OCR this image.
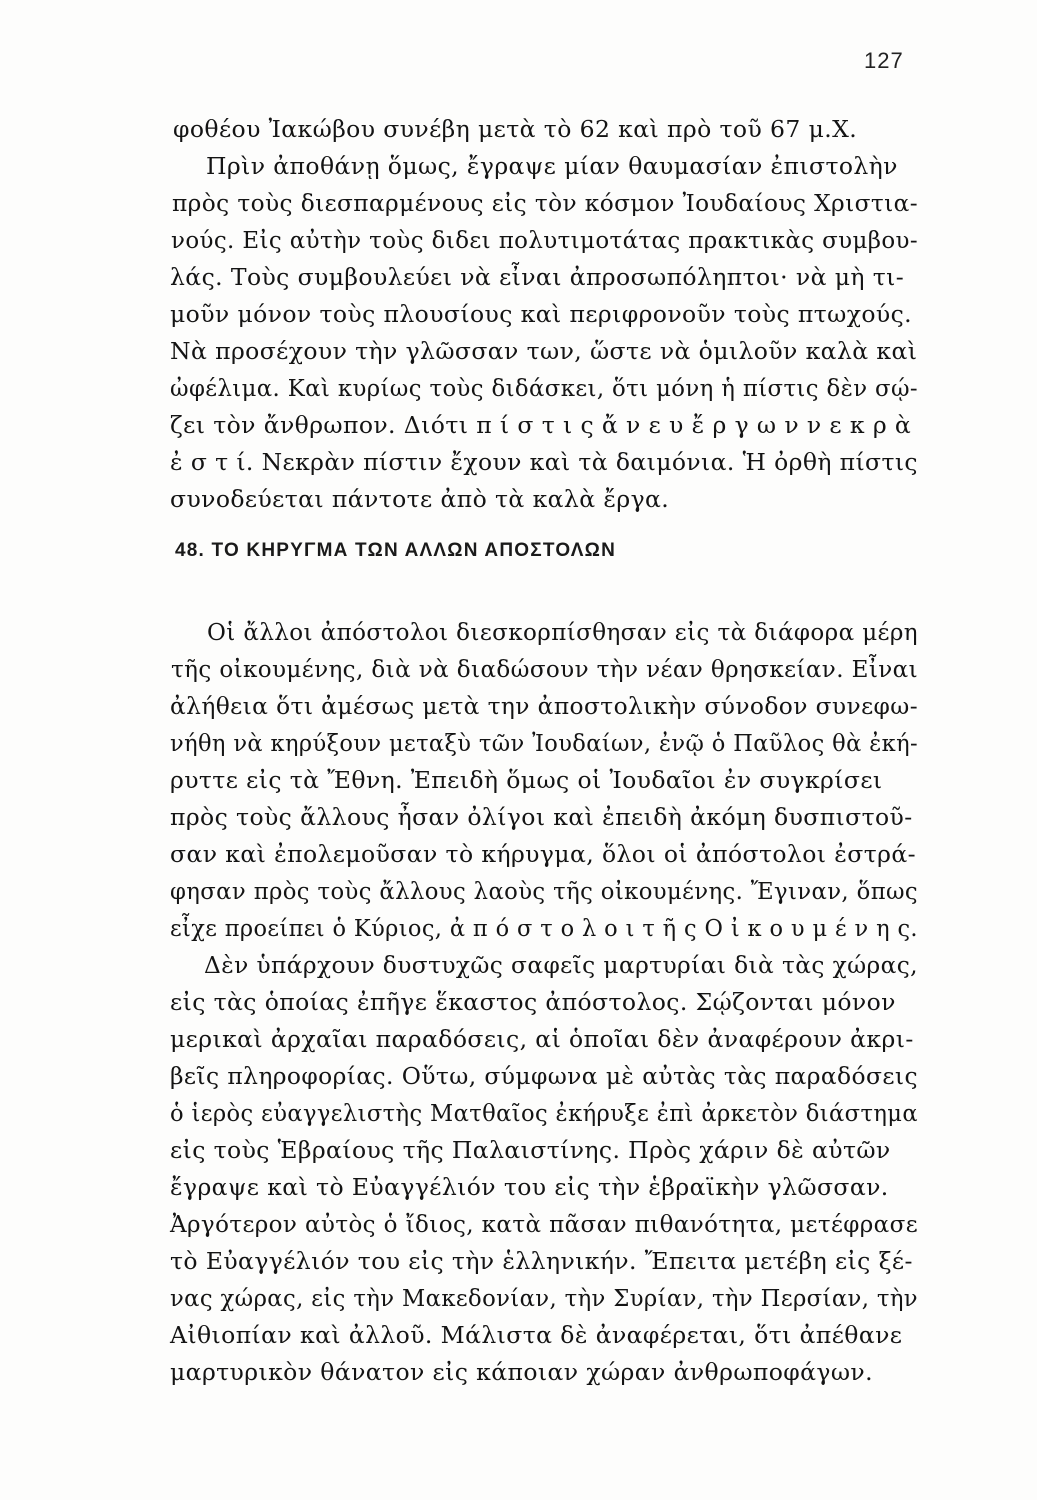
127

φοθέου Ἰακώβου συνέβη μετὰ τὸ 62 καὶ πρὸ τοῦ 67 μ.Χ.

Πρὶν ἀποθάνῃ ὅμως, ἔγραψε μίαν θαυμασίαν ἐπιστολὴν

πρὸς τοὺς διεσπαρμένους εἰς τὸν κόσμον Ἰουδαίους Χριστια-

νούς. Εἰς αὐτὴν τοὺς διδει πολυτιμοτάτας πρακτικὰς συμβου-

λάς. Τοὺς συμβουλεύει νὰ εἶναι ἀπροσωπόληπτοι· νὰ μὴ τι-

μοῦν μόνον τοὺς πλουσίους καὶ περιφρονοῦν τοὺς πτωχούς.

Νὰ προσέχουν τὴν γλῶσσαν των, ὥστε νὰ ὁμιλοῦν καλὰ καὶ

ὠφέλιμα. Καὶ κυρίως τοὺς διδάσκει, ὅτι μόνη ἡ πίστις δὲν σῴ-

ζει τὸν ἄνθρωπον. Διότι π ί σ τ ι ς ἄ ν ε υ ἔ ρ γ ω ν ν ε κ ρ ὰ

ἐ σ τ ί. Νεκρὰν πίστιν ἔχουν καὶ τὰ δαιμόνια. Ἡ ὀρθὴ πίστις

συνοδεύεται πάντοτε ἀπὸ τὰ καλὰ ἔργα.

48. ΤΟ ΚΗΡΥΓΜΑ ΤΩΝ ΑΛΛΩΝ ΑΠΟΣΤΟΛΩΝ

Οἱ ἄλλοι ἀπόστολοι διεσκορπίσθησαν εἰς τὰ διάφορα μέρη

τῆς οἰκουμένης, διὰ νὰ διαδώσουν τὴν νέαν θρησκείαν. Εἶναι

ἀλήθεια ὅτι ἀμέσως μετὰ την ἀποστολικὴν σύνοδον συνεφω-

νήθη νὰ κηρύξουν μεταξὺ τῶν Ἰουδαίων, ἐνῷ ὁ Παῦλος θὰ ἐκή-

ρυττε εἰς τὰ Ἔθνη. Ἐπειδὴ ὅμως οἱ Ἰουδαῖοι ἐν συγκρίσει

πρὸς τοὺς ἄλλους ἦσαν ὀλίγοι καὶ ἐπειδὴ ἀκόμη δυσπιστοῦ-

σαν καὶ ἐπολεμοῦσαν τὸ κήρυγμα, ὅλοι οἱ ἀπόστολοι ἐστρά-

φησαν πρὸς τοὺς ἄλλους λαοὺς τῆς οἰκουμένης. Ἔγιναν, ὅπως

εἶχε προείπει ὁ Κύριος, ἀ π ό σ τ ο λ ο ι τ ῆ ς Ο ἰ κ ο υ μ έ ν η ς.

Δὲν ὑπάρχουν δυστυχῶς σαφεῖς μαρτυρίαι διὰ τὰς χώρας,

εἰς τὰς ὁποίας ἐπῆγε ἕκαστος ἀπόστολος. Σῴζονται μόνον

μερικαὶ ἀρχαῖαι παραδόσεις, αἱ ὁποῖαι δὲν ἀναφέρουν ἀκρι-

βεῖς πληροφορίας. Οὕτω, σύμφωνα μὲ αὐτὰς τὰς παραδόσεις

ὁ ἱερὸς εὐαγγελιστὴς Ματθαῖος ἐκήρυξε ἐπὶ ἀρκετὸν διάστημα

εἰς τοὺς Ἑβραίους τῆς Παλαιστίνης. Πρὸς χάριν δὲ αὐτῶν

ἔγραψε καὶ τὸ Εὐαγγέλιόν του εἰς τὴν ἑβραϊκὴν γλῶσσαν.

Ἀργότερον αὐτὸς ὁ ἴδιος, κατὰ πᾶσαν πιθανότητα, μετέφρασε

τὸ Εὐαγγέλιόν του εἰς τὴν ἑλληνικήν. Ἔπειτα μετέβη εἰς ξέ-

νας χώρας, εἰς τὴν Μακεδονίαν, τὴν Συρίαν, τὴν Περσίαν, τὴν

Αἰθιοπίαν καὶ ἀλλοῦ. Μάλιστα δὲ ἀναφέρεται, ὅτι ἀπέθανε

μαρτυρικὸν θάνατον εἰς κάποιαν χώραν ἀνθρωποφάγων.
